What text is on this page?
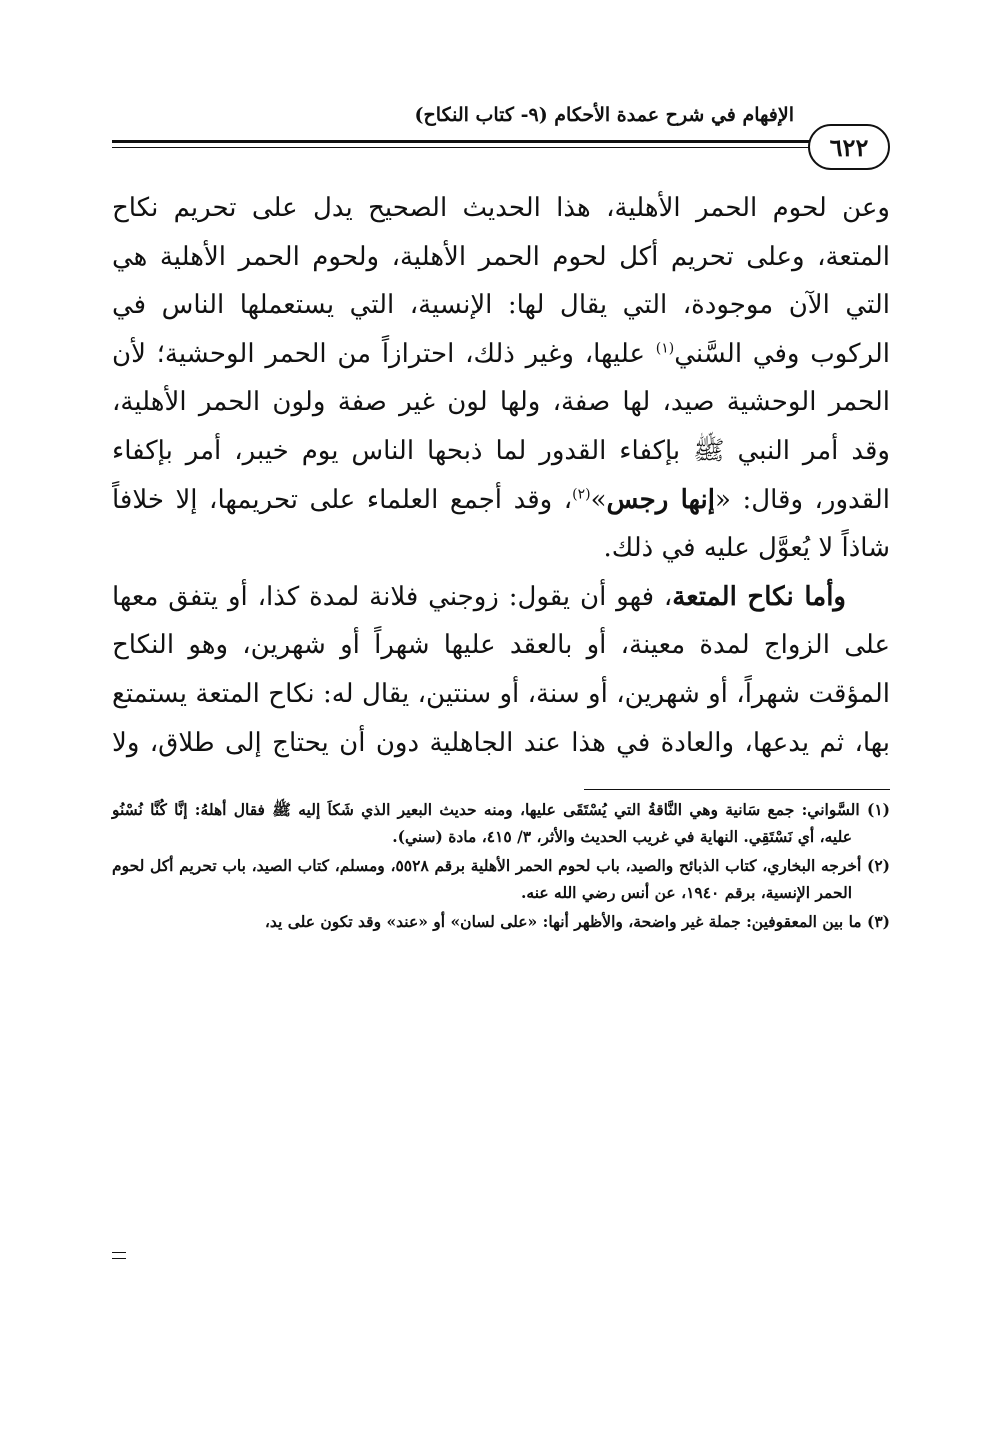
٦٢٢
الإفهام في شرح عمدة الأحكام (٩- كتاب النكاح)

وعن لحوم الحمر الأهلية، هذا الحديث الصحيح يدل على تحريم نكاح المتعة، وعلى تحريم أكل لحوم الحمر الأهلية، ولحوم الحمر الأهلية هي التي الآن موجودة، التي يقال لها: الإنسية، التي يستعملها الناس في الركوب وفي السَّني$^{(١)}$ عليها، وغير ذلك، احترازاً من الحمر الوحشية؛ لأن الحمر الوحشية صيد، لها صفة، ولها لون غير صفة ولون الحمر الأهلية، وقد أمر النبي ﷺ بإكفاء القدور لما ذبحها الناس يوم خيبر، أمر بإكفاء القدور، وقال: «إنها رجس»$^{(٢)}$، وقد أجمع العلماء على تحريمها، إلا خلافاً شاذاً لا يُعوَّل عليه في ذلك.

وأما نكاح المتعة، فهو أن يقول: زوجني فلانة لمدة كذا، أو يتفق معها على الزواج لمدة معينة، أو بالعقد عليها شهراً أو شهرين، وهو النكاح المؤقت شهراً، أو شهرين، أو سنة، أو سنتين، يقال له: نكاح المتعة يستمتع بها، ثم يدعها، والعادة في هذا عند الجاهلية دون أن يحتاج إلى طلاق، ولا

(١) السَّواني: جمع سَانية وهي النَّاقةُ التي يُسْتَقَى عليها، ومنه حديث البعير الذي شَكاَ إليه ﷺ فقال أهلهُ: إنَّا كُنَّا نُسْنُو عليه، أي نَسْتَقِي. النهاية في غريب الحديث والأثر، ٣/ ٤١٥، مادة (سني).

(٢) أخرجه البخاري، كتاب الذبائح والصيد، باب لحوم الحمر الأهلية برقم ٥٥٢٨، ومسلم، كتاب الصيد، باب تحريم أكل لحوم الحمر الإنسية، برقم ١٩٤٠، عن أنس رضي الله عنه.

(٣) ما بين المعقوفين: جملة غير واضحة، والأظهر أنها: «على لسان» أو «عند» وقد تكون على يد،
